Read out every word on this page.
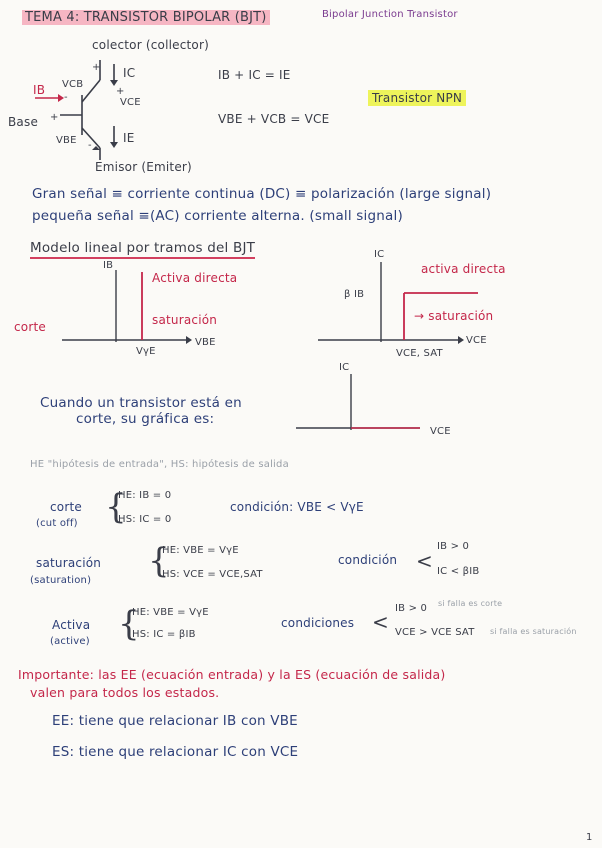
TEMA 4: TRANSISTOR BIPOLAR (BJT)	Bipolar Junction Transistor
colector (collector)
IB VCB
+
-
IC
+
VCE
Base +
VBE -
IE
Emisor (Emiter)
IB + IC = IE
VBE + VCB = VCE
Transistor NPN
Gran señal ≡ corriente continua (DC) ≡ polarización (large signal)
pequeña señal ≡(AC) corriente alterna. (small signal)
Modelo lineal por tramos del BJT
IB
Activa directa
saturación
corte
VγE
VBE
IC
activa directa
β IB
→ saturación
VCE, SAT
VCE
Cuando un transistor está en
corte, su gráfica es:
IC
VCE
HE "hipótesis de entrada", HS: hipótesis de salida
corte
(cut off) {
HE: IB = 0
HS: IC = 0
condición: VBE < VγE
saturación
(saturation) {
HE: VBE = VγE
HS: VCE = VCE,SAT
condición <
IB > 0
IC < βIB
Activa
(active) {
HE: VBE = VγE
HS: IC = βIB
condiciones <
IB > 0 si falla es corte
VCE > VCE SAT si falla es saturación
Importante: las EE (ecuación entrada) y la ES (ecuación de salida)
valen para todos los estados.
EE: tiene que relacionar IB con VBE
ES: tiene que relacionar IC con VCE
1
